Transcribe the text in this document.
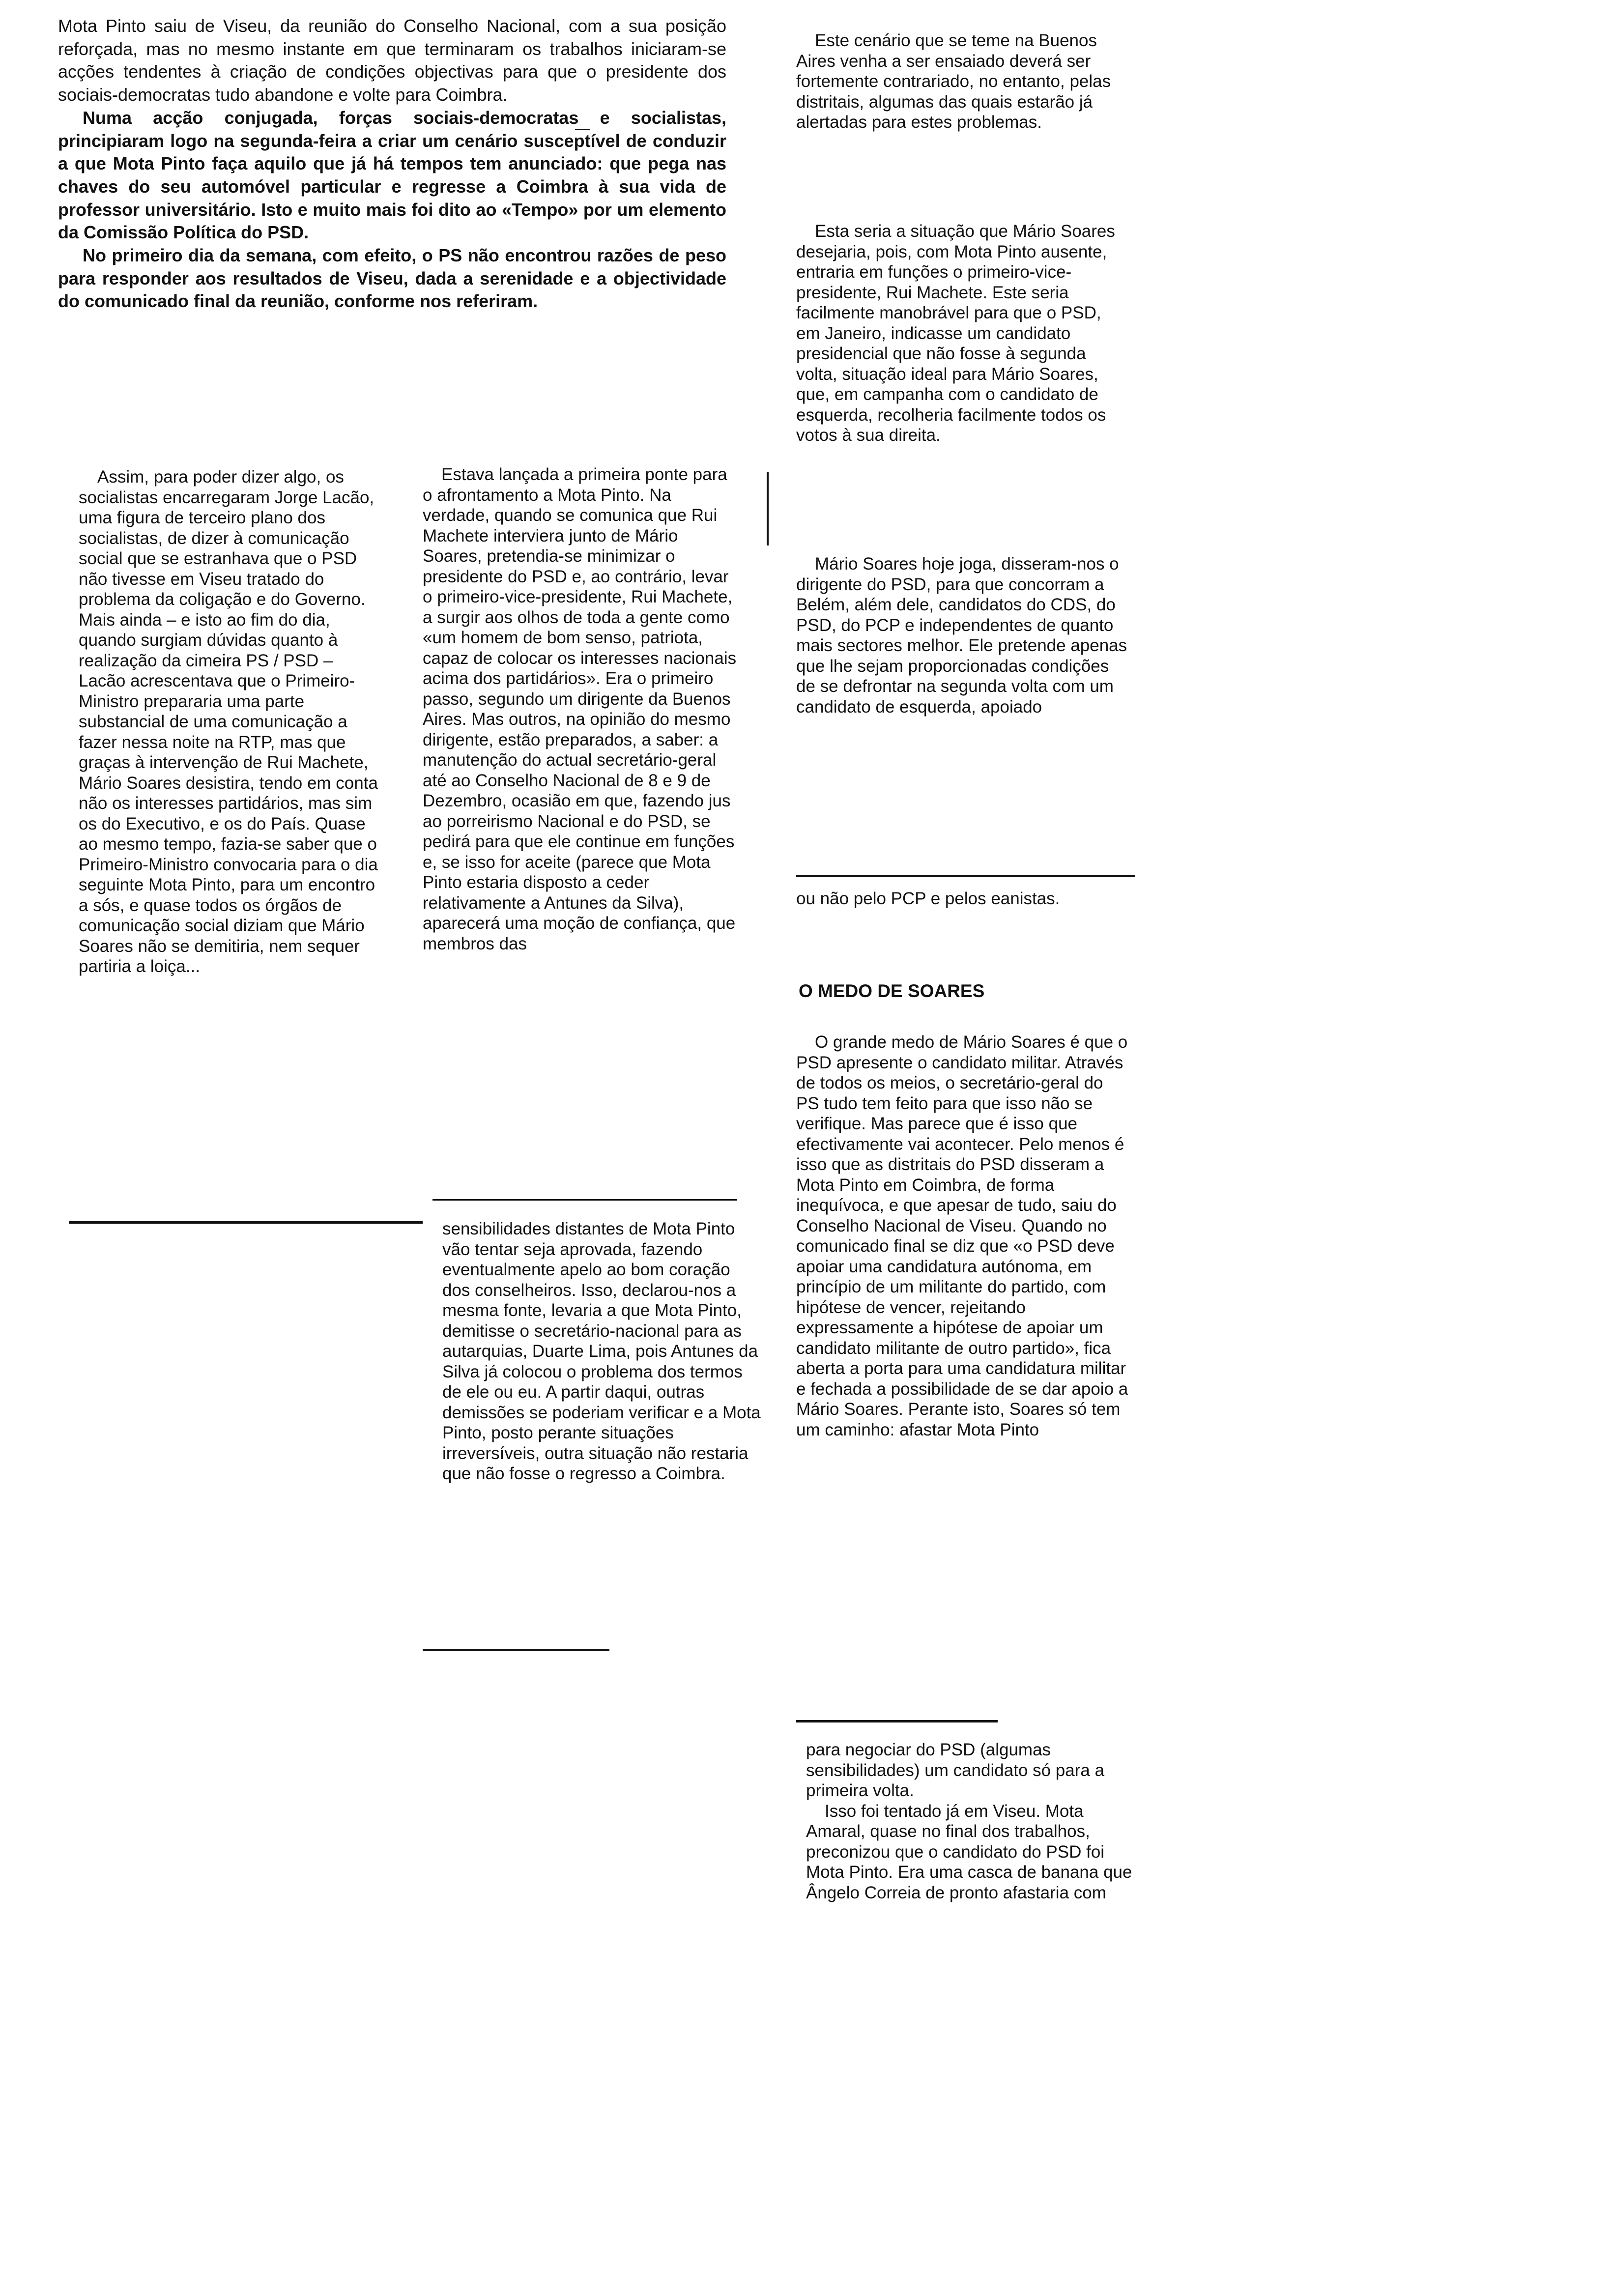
Mota Pinto saiu de Viseu, da reunião do Conselho Nacional, com a sua posição reforçada, mas no mesmo instante em que terminaram os trabalhos iniciaram-se acções tendentes à criação de condições objectivas para que o presidente dos sociais-democratas tudo abandone e volte para Coimbra.

Numa acção conjugada, forças sociais-democratas e socialistas, principiaram logo na segunda-feira a criar um cenário susceptível de conduzir a que Mota Pinto faça aquilo que já há tempos tem anunciado: que pega nas chaves do seu automóvel particular e regresse a Coimbra à sua vida de professor universitário. Isto e muito mais foi dito ao «Tempo» por um elemento da Comissão Política do PSD.

No primeiro dia da semana, com efeito, o PS não encontrou razões de peso para responder aos resultados de Viseu, dada a serenidade e a objectividade do comunicado final da reunião, conforme nos referiram.

Assim, para poder dizer algo, os socialistas encarregaram Jorge Lacão, uma figura de terceiro plano dos socialistas, de dizer à comunicação social que se estranhava que o PSD não tivesse em Viseu tratado do problema da coligação e do Governo. Mais ainda – e isto ao fim do dia, quando surgiam dúvidas quanto à realização da cimeira PS / PSD – Lacão acrescentava que o Primeiro-Ministro prepararia uma parte substancial de uma comunicação a fazer nessa noite na RTP, mas que graças à intervenção de Rui Machete, Mário Soares desistira, tendo em conta não os interesses partidários, mas sim os do Executivo, e os do País. Quase ao mesmo tempo, fazia-se saber que o Primeiro-Ministro convocaria para o dia seguinte Mota Pinto, para um encontro a sós, e quase todos os órgãos de comunicação social diziam que Mário Soares não se demitiria, nem sequer partiria a loiça...

Estava lançada a primeira ponte para o afrontamento a Mota Pinto. Na verdade, quando se comunica que Rui Machete interviera junto de Mário Soares, pretendia-se minimizar o presidente do PSD e, ao contrário, levar o primeiro-vice-presidente, Rui Machete, a surgir aos olhos de toda a gente como «um homem de bom senso, patriota, capaz de colocar os interesses nacionais acima dos partidários». Era o primeiro passo, segundo um dirigente da Buenos Aires. Mas outros, na opinião do mesmo dirigente, estão preparados, a saber: a manutenção do actual secretário-geral até ao Conselho Nacional de 8 e 9 de Dezembro, ocasião em que, fazendo jus ao porreirismo Nacional e do PSD, se pedirá para que ele continue em funções e, se isso for aceite (parece que Mota Pinto estaria disposto a ceder relativamente a Antunes da Silva), aparecerá uma moção de confiança, que membros das

sensibilidades distantes de Mota Pinto vão tentar seja aprovada, fazendo eventualmente apelo ao bom coração dos conselheiros. Isso, declarou-nos a mesma fonte, levaria a que Mota Pinto, demitisse o secretário-nacional para as autarquias, Duarte Lima, pois Antunes da Silva já colocou o problema dos termos de ele ou eu. A partir daqui, outras demissões se poderiam verificar e a Mota Pinto, posto perante situações irreversíveis, outra situação não restaria que não fosse o regresso a Coimbra.

Este cenário que se teme na Buenos Aires venha a ser ensaiado deverá ser fortemente contrariado, no entanto, pelas distritais, algumas das quais estarão já alertadas para estes problemas.

Esta seria a situação que Mário Soares desejaria, pois, com Mota Pinto ausente, entraria em funções o primeiro-vice-presidente, Rui Machete. Este seria facilmente manobrável para que o PSD, em Janeiro, indicasse um candidato presidencial que não fosse à segunda volta, situação ideal para Mário Soares, que, em campanha com o candidato de esquerda, recolheria facilmente todos os votos à sua direita.

Mário Soares hoje joga, disseram-nos o dirigente do PSD, para que concorram a Belém, além dele, candidatos do CDS, do PSD, do PCP e independentes de quanto mais sectores melhor. Ele pretende apenas que lhe sejam proporcionadas condições de se defrontar na segunda volta com um candidato de esquerda, apoiado

ou não pelo PCP e pelos eanistas.

O MEDO DE SOARES

O grande medo de Mário Soares é que o PSD apresente o candidato militar. Através de todos os meios, o secretário-geral do PS tudo tem feito para que isso não se verifique. Mas parece que é isso que efectivamente vai acontecer. Pelo menos é isso que as distritais do PSD disseram a Mota Pinto em Coimbra, de forma inequívoca, e que apesar de tudo, saiu do Conselho Nacional de Viseu. Quando no comunicado final se diz que «o PSD deve apoiar uma candidatura autónoma, em princípio de um militante do partido, com hipótese de vencer, rejeitando expressamente a hipótese de apoiar um candidato militante de outro partido», fica aberta a porta para uma candidatura militar e fechada a possibilidade de se dar apoio a Mário Soares. Perante isto, Soares só tem um caminho: afastar Mota Pinto

para negociar do PSD (algumas sensibilidades) um candidato só para a primeira volta.

Isso foi tentado já em Viseu. Mota Amaral, quase no final dos trabalhos, preconizou que o candidato do PSD foi Mota Pinto. Era uma casca de banana que Ângelo Correia de pronto afastaria com
